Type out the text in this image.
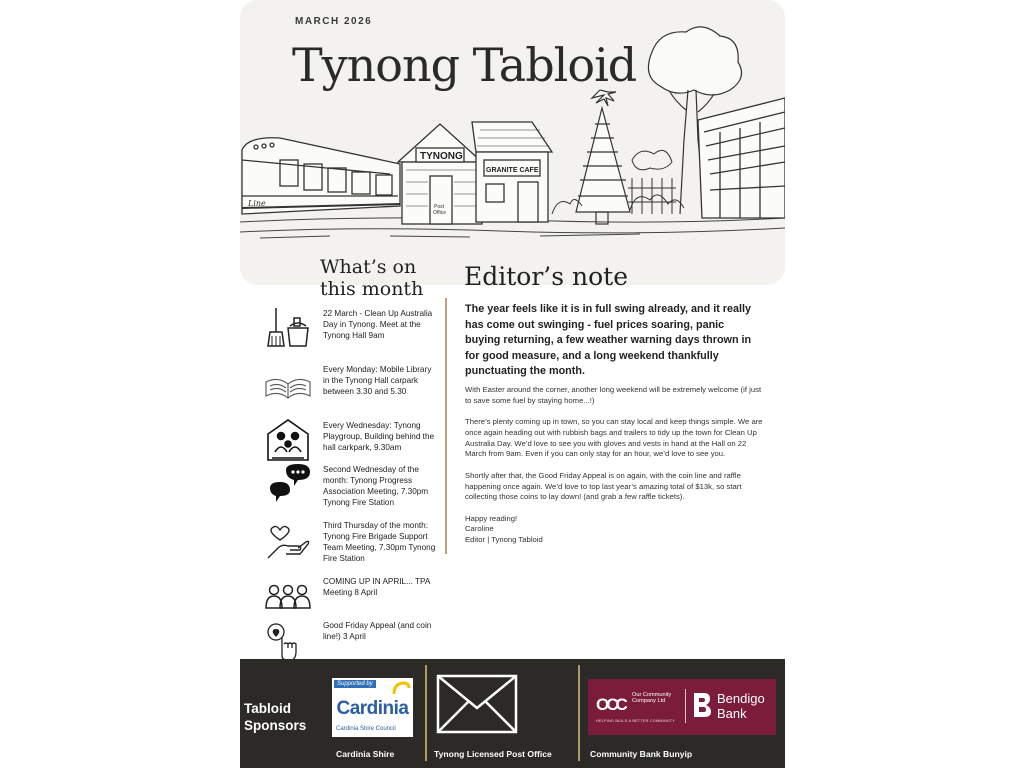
Line
TYNONG
Post
Office
GRANITE CAFE
MARCH 2026
Tynong Tabloid
What’s on
this month
22 March - Clean Up Australia Day in Tynong. Meet at the Tynong Hall 9am
Every Monday: Mobile Library in the Tynong Hall carpark between 3.30 and 5.30
Every Wednesday: Tynong Playgroup, Building behind the hall carkpark, 9.30am
Second Wednesday of the month: Tynong Progress Association Meeting, 7.30pm Tynong Fire Station
Third Thursday of the month: Tynong Fire Brigade Support Team Meeting, 7.30pm Tynong Fire Station
COMING UP IN APRIL... TPA Meeting 8 April
Good Friday Appeal (and coin line!) 3 April
Editor’s note
The year feels like it is in full swing already, and it really has come out swinging - fuel prices soaring, panic buying returning, a few weather warning days thrown in for good measure, and a long weekend thankfully punctuating the month.

With Easter around the corner, another long weekend will be extremely welcome (if just to save some fuel by staying home...!)

There’s plenty coming up in town, so you can stay local and keep things simple. We are once again heading out with rubbish bags and trailers to tidy up the town for Clean Up Australia Day. We’d love to see you with gloves and vests in hand at the Hall on 22 March from 9am. Even if you can only stay for an hour, we’d love to see you.

Shortly after that, the Good Friday Appeal is on again, with the coin line and raffle happening once again. We’d love to top last year’s amazing total of $13k, so start collecting those coins to lay down! (and grab a few raffle tickets).

Happy reading!

Caroline

Editor | Tynong Tabloid

Tabloid
Sponsors
Supported by
Cardinia
Cardinia Shire Council
Cardinia Shire	Tynong Licensed Post Office
OCC Our Community Company Ltd
HELPING BUILD A BETTER COMMUNITY
Bendigo
Bank
Community Bank Bunyip
